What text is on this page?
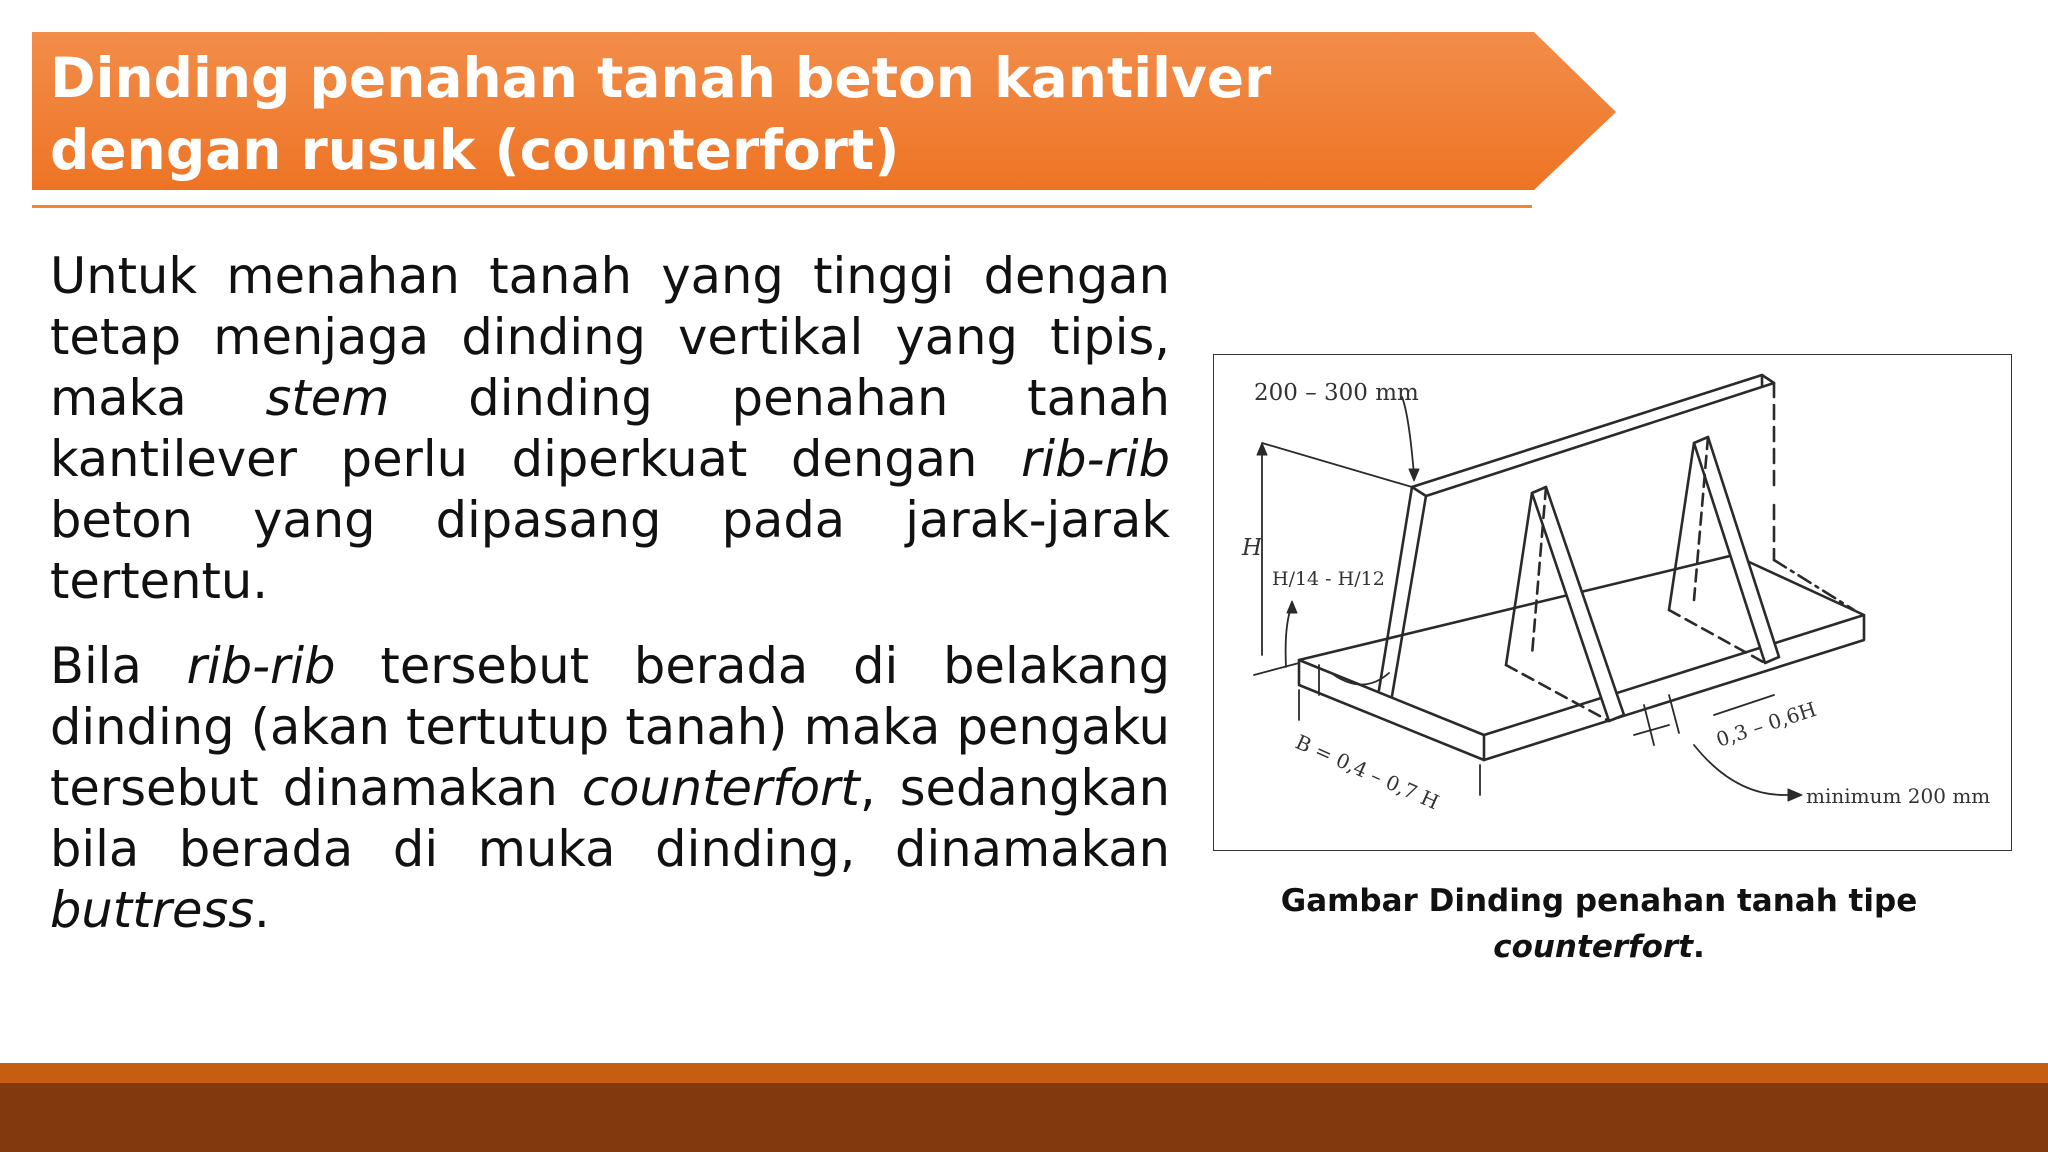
Dinding penahan tanah beton kantilver
dengan rusuk (counterfort)

Untuk menahan tanah yang tinggi dengan tetap menjaga dinding vertikal yang tipis, maka stem dinding penahan tanah kantilever perlu diperkuat dengan rib-rib beton yang dipasang pada jarak-jarak tertentu.

Bila rib-rib tersebut berada di belakang dinding (akan tertutup tanah) maka pengaku tersebut dinamakan counterfort, sedangkan bila berada di muka dinding, dinamakan buttress.

200 – 300 mm
H
H/14 - H/12
B = 0,4 – 0,7 H
0,3 – 0,6H
minimum 200 mm
Gambar Dinding penahan tanah tipe
counterfort.
